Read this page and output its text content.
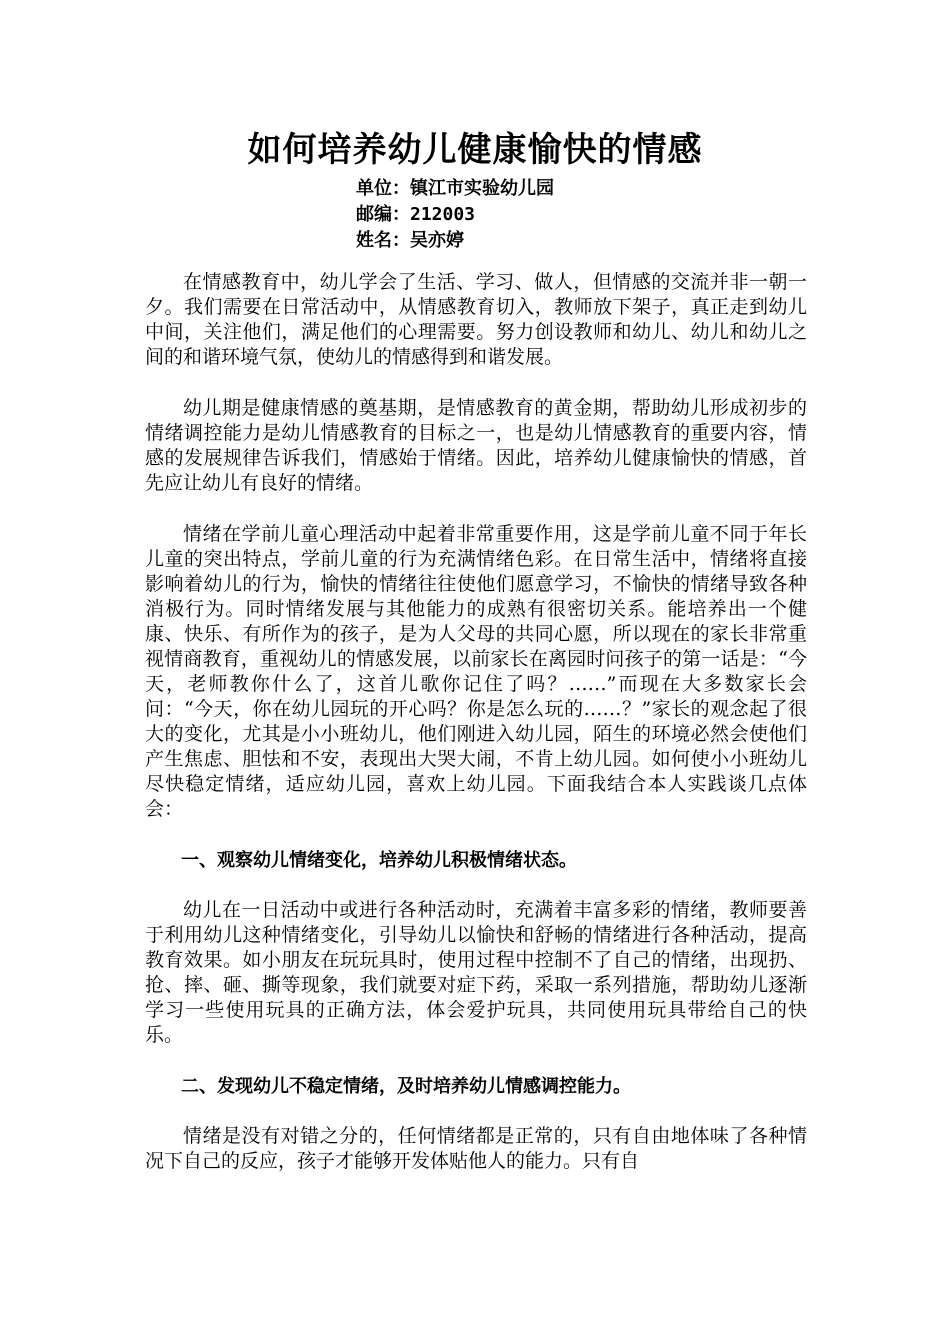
如何培养幼儿健康愉快的情感
单位：镇江市实验幼儿园
邮编：212003
姓名：吴亦婷

在情感教育中，幼儿学会了生活、学习、做人，但情感的交流并非一朝一夕。我们需要在日常活动中，从情感教育切入，教师放下架子，真正走到幼儿中间，关注他们，满足他们的心理需要。努力创设教师和幼儿、幼儿和幼儿之间的和谐环境气氛，使幼儿的情感得到和谐发展。

幼儿期是健康情感的奠基期，是情感教育的黄金期，帮助幼儿形成初步的情绪调控能力是幼儿情感教育的目标之一，也是幼儿情感教育的重要内容，情感的发展规律告诉我们，情感始于情绪。因此，培养幼儿健康愉快的情感，首先应让幼儿有良好的情绪。

情绪在学前儿童心理活动中起着非常重要作用，这是学前儿童不同于年长儿童的突出特点，学前儿童的行为充满情绪色彩。在日常生活中，情绪将直接影响着幼儿的行为，愉快的情绪往往使他们愿意学习，不愉快的情绪导致各种消极行为。同时情绪发展与其他能力的成熟有很密切关系。能培养出一个健康、快乐、有所作为的孩子，是为人父母的共同心愿，所以现在的家长非常重视情商教育，重视幼儿的情感发展，以前家长在离园时问孩子的第一话是：“今天，老师教你什么了，这首儿歌你记住了吗？……”而现在大多数家长会问：“今天，你在幼儿园玩的开心吗？你是怎么玩的……？”家长的观念起了很大的变化，尤其是小小班幼儿，他们刚进入幼儿园，陌生的环境必然会使他们产生焦虑、胆怯和不安，表现出大哭大闹，不肯上幼儿园。如何使小小班幼儿尽快稳定情绪，适应幼儿园，喜欢上幼儿园。下面我结合本人实践谈几点体会：

一、观察幼儿情绪变化，培养幼儿积极情绪状态。

幼儿在一日活动中或进行各种活动时，充满着丰富多彩的情绪，教师要善于利用幼儿这种情绪变化，引导幼儿以愉快和舒畅的情绪进行各种活动，提高教育效果。如小朋友在玩玩具时，使用过程中控制不了自己的情绪，出现扔、抢、摔、砸、撕等现象，我们就要对症下药，采取一系列措施，帮助幼儿逐渐学习一些使用玩具的正确方法，体会爱护玩具，共同使用玩具带给自己的快乐。

二、发现幼儿不稳定情绪，及时培养幼儿情感调控能力。

情绪是没有对错之分的，任何情绪都是正常的，只有自由地体味了各种情况下自己的反应，孩子才能够开发体贴他人的能力。只有自
